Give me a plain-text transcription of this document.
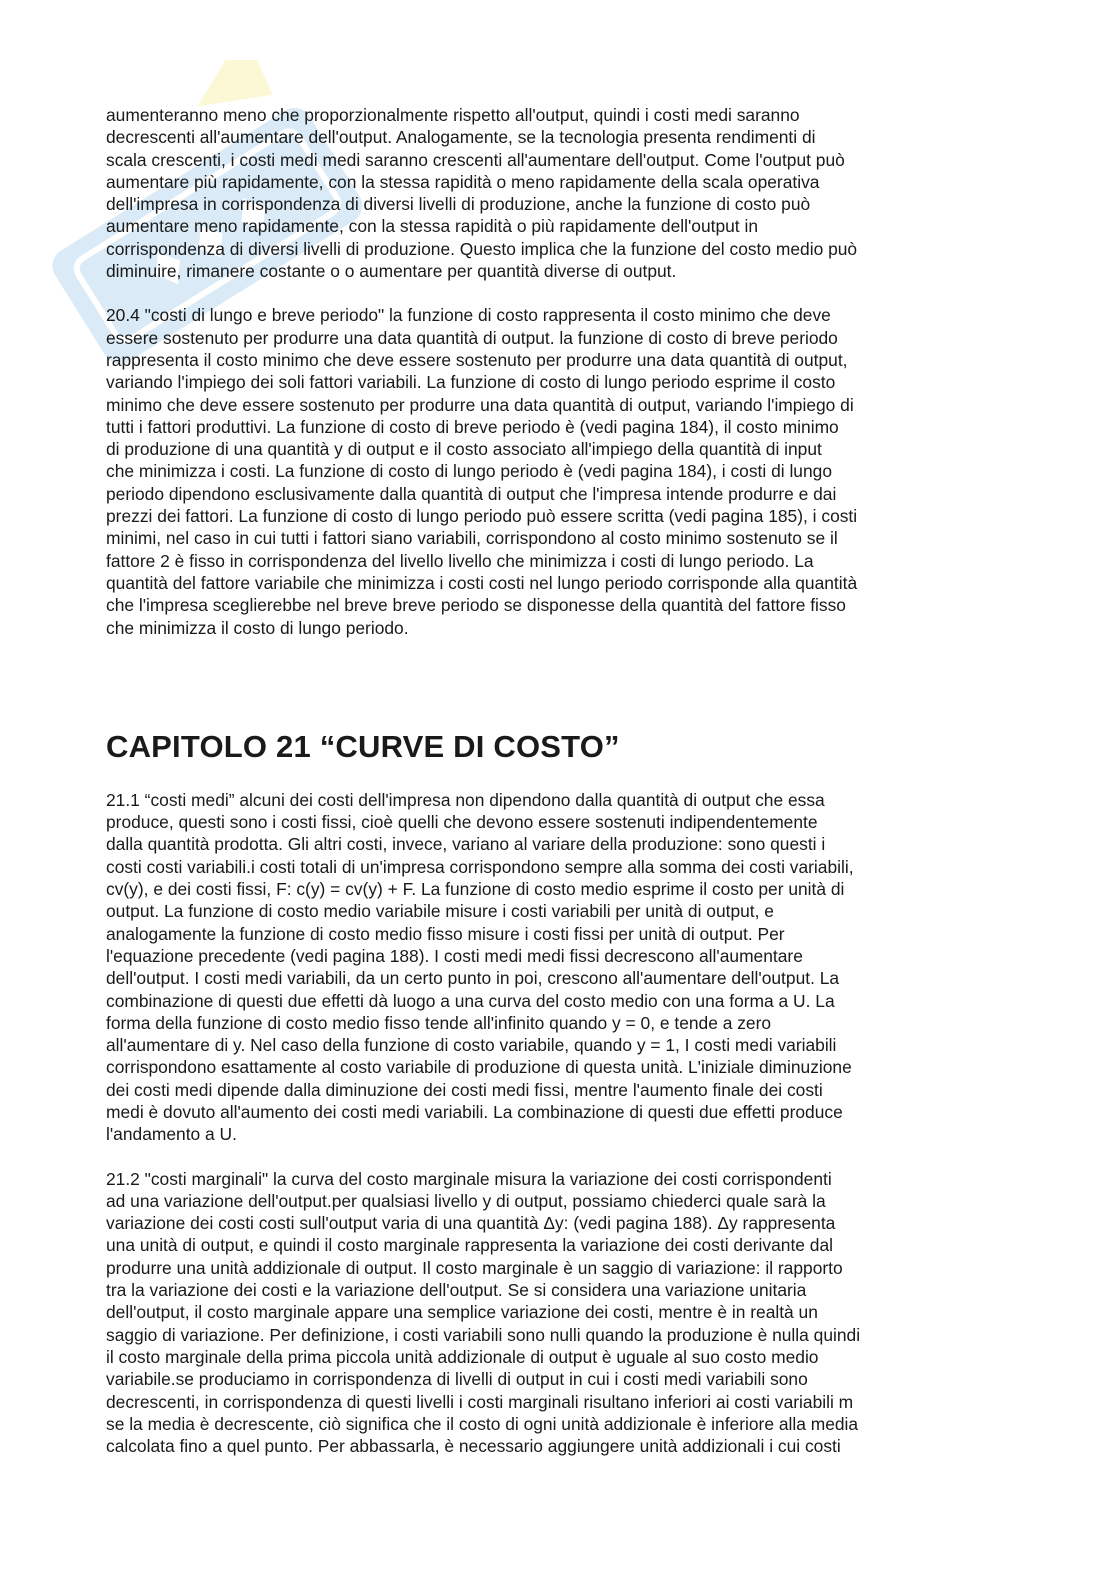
♦ ♦ ♦

aumenteranno meno che proporzionalmente rispetto all'output, quindi i costi medi saranno
decrescenti all'aumentare dell'output. Analogamente, se la tecnologia presenta rendimenti di
scala crescenti, i costi medi medi saranno crescenti all'aumentare dell'output. Come l'output può
aumentare più rapidamente, con la stessa rapidità o meno rapidamente della scala operativa
dell'impresa in corrispondenza di diversi livelli di produzione, anche la funzione di costo può
aumentare meno rapidamente, con la stessa rapidità o più rapidamente dell'output in
corrispondenza di diversi livelli di produzione. Questo implica che la funzione del costo medio può
diminuire, rimanere costante o o aumentare per quantità diverse di output.

20.4 "costi di lungo e breve periodo" la funzione di costo rappresenta il costo minimo che deve
essere sostenuto per produrre una data quantità di output. la funzione di costo di breve periodo
rappresenta il costo minimo che deve essere sostenuto per produrre una data quantità di output,
variando l'impiego dei soli fattori variabili. La funzione di costo di lungo periodo esprime il costo
minimo che deve essere sostenuto per produrre una data quantità di output, variando l'impiego di
tutti i fattori produttivi. La funzione di costo di breve periodo è (vedi pagina 184), il costo minimo
di produzione di una quantità y di output e il costo associato all'impiego della quantità di input
che minimizza i costi. La funzione di costo di lungo periodo è (vedi pagina 184), i costi di lungo
periodo dipendono esclusivamente dalla quantità di output che l'impresa intende produrre e dai
prezzi dei fattori. La funzione di costo di lungo periodo può essere scritta (vedi pagina 185), i costi
minimi, nel caso in cui tutti i fattori siano variabili, corrispondono al costo minimo sostenuto se il
fattore 2 è fisso in corrispondenza del livello livello che minimizza i costi di lungo periodo. La
quantità del fattore variabile che minimizza i costi costi nel lungo periodo corrisponde alla quantità
che l'impresa sceglierebbe nel breve breve periodo se disponesse della quantità del fattore fisso
che minimizza il costo di lungo periodo.

CAPITOLO 21 “CURVE DI COSTO”

21.1 “costi medi” alcuni dei costi dell'impresa non dipendono dalla quantità di output che essa
produce, questi sono i costi fissi, cioè quelli che devono essere sostenuti indipendentemente
dalla quantità prodotta. Gli altri costi, invece, variano al variare della produzione: sono questi i
costi costi variabili.i costi totali di un'impresa corrispondono sempre alla somma dei costi variabili,
cv(y), e dei costi fissi, F: c(y) = cv(y) + F. La funzione di costo medio esprime il costo per unità di
output. La funzione di costo medio variabile misure i costi variabili per unità di output, e
analogamente la funzione di costo medio fisso misure i costi fissi per unità di output. Per
l'equazione precedente (vedi pagina 188). I costi medi medi fissi decrescono all'aumentare
dell'output. I costi medi variabili, da un certo punto in poi, crescono all'aumentare dell'output. La
combinazione di questi due effetti dà luogo a una curva del costo medio con una forma a U. La
forma della funzione di costo medio fisso tende all'infinito quando y = 0, e tende a zero
all'aumentare di y. Nel caso della funzione di costo variabile, quando y = 1, I costi medi variabili
corrispondono esattamente al costo variabile di produzione di questa unità. L'iniziale diminuzione
dei costi medi dipende dalla diminuzione dei costi medi fissi, mentre l'aumento finale dei costi
medi è dovuto all'aumento dei costi medi variabili. La combinazione di questi due effetti produce
l'andamento a U.

21.2 "costi marginali" la curva del costo marginale misura la variazione dei costi corrispondenti
ad una variazione dell'output.per qualsiasi livello y di output, possiamo chiederci quale sarà la
variazione dei costi costi sull'output varia di una quantità Δy: (vedi pagina 188). Δy rappresenta
una unità di output, e quindi il costo marginale rappresenta la variazione dei costi derivante dal
produrre una unità addizionale di output. Il costo marginale è un saggio di variazione: il rapporto
tra la variazione dei costi e la variazione dell'output. Se si considera una variazione unitaria
dell'output, il costo marginale appare una semplice variazione dei costi, mentre è in realtà un
saggio di variazione. Per definizione, i costi variabili sono nulli quando la produzione è nulla quindi
il costo marginale della prima piccola unità addizionale di output è uguale al suo costo medio
variabile.se produciamo in corrispondenza di livelli di output in cui i costi medi variabili sono
decrescenti, in corrispondenza di questi livelli i costi marginali risultano inferiori ai costi variabili m
se la media è decrescente, ciò significa che il costo di ogni unità addizionale è inferiore alla media
calcolata fino a quel punto. Per abbassarla, è necessario aggiungere unità addizionali i cui costi
